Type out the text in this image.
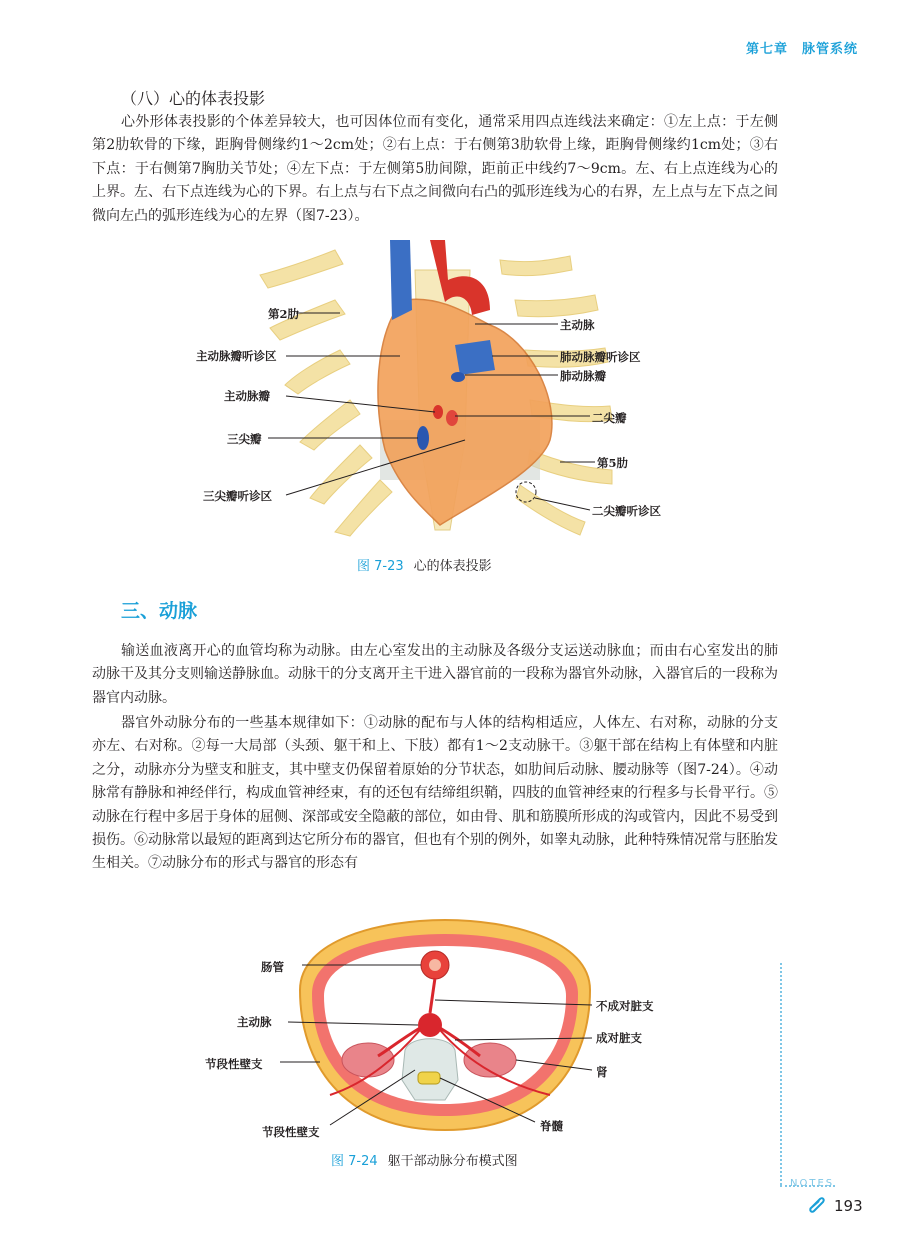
第七章　脉管系统
（八）心的体表投影

心外形体表投影的个体差异较大，也可因体位而有变化，通常采用四点连线法来确定：①左上点：于左侧第2肋软骨的下缘，距胸骨侧缘约1～2cm处；②右上点：于右侧第3肋软骨上缘，距胸骨侧缘约1cm处；③右下点：于右侧第7胸肋关节处；④左下点：于左侧第5肋间隙，距前正中线约7～9cm。左、右上点连线为心的上界。左、右下点连线为心的下界。右上点与右下点之间微向右凸的弧形连线为心的右界，左上点与左下点之间微向左凸的弧形连线为心的左界（图7-23）。

第2肋
主动脉瓣听诊区
主动脉瓣
三尖瓣
三尖瓣听诊区
主动脉
肺动脉瓣听诊区
肺动脉瓣
二尖瓣
第5肋
二尖瓣听诊区
图 7-23 心的体表投影
三、动脉

输送血液离开心的血管均称为动脉。由左心室发出的主动脉及各级分支运送动脉血；而由右心室发出的肺动脉干及其分支则输送静脉血。动脉干的分支离开主干进入器官前的一段称为器官外动脉，入器官后的一段称为器官内动脉。

器官外动脉分布的一些基本规律如下：①动脉的配布与人体的结构相适应，人体左、右对称，动脉的分支亦左、右对称。②每一大局部（头颈、躯干和上、下肢）都有1～2支动脉干。③躯干部在结构上有体壁和内脏之分，动脉亦分为壁支和脏支，其中壁支仍保留着原始的分节状态，如肋间后动脉、腰动脉等（图7-24）。④动脉常有静脉和神经伴行，构成血管神经束，有的还包有结缔组织鞘，四肢的血管神经束的行程多与长骨平行。⑤动脉在行程中多居于身体的屈侧、深部或安全隐蔽的部位，如由骨、肌和筋膜所形成的沟或管内，因此不易受到损伤。⑥动脉常以最短的距离到达它所分布的器官，但也有个别的例外，如睾丸动脉，此种特殊情况常与胚胎发生相关。⑦动脉分布的形式与器官的形态有

肠管
主动脉
节段性壁支
不成对脏支
成对脏支
肾
节段性壁支	脊髓
图 7-24 躯干部动脉分布模式图
NOTES
193
